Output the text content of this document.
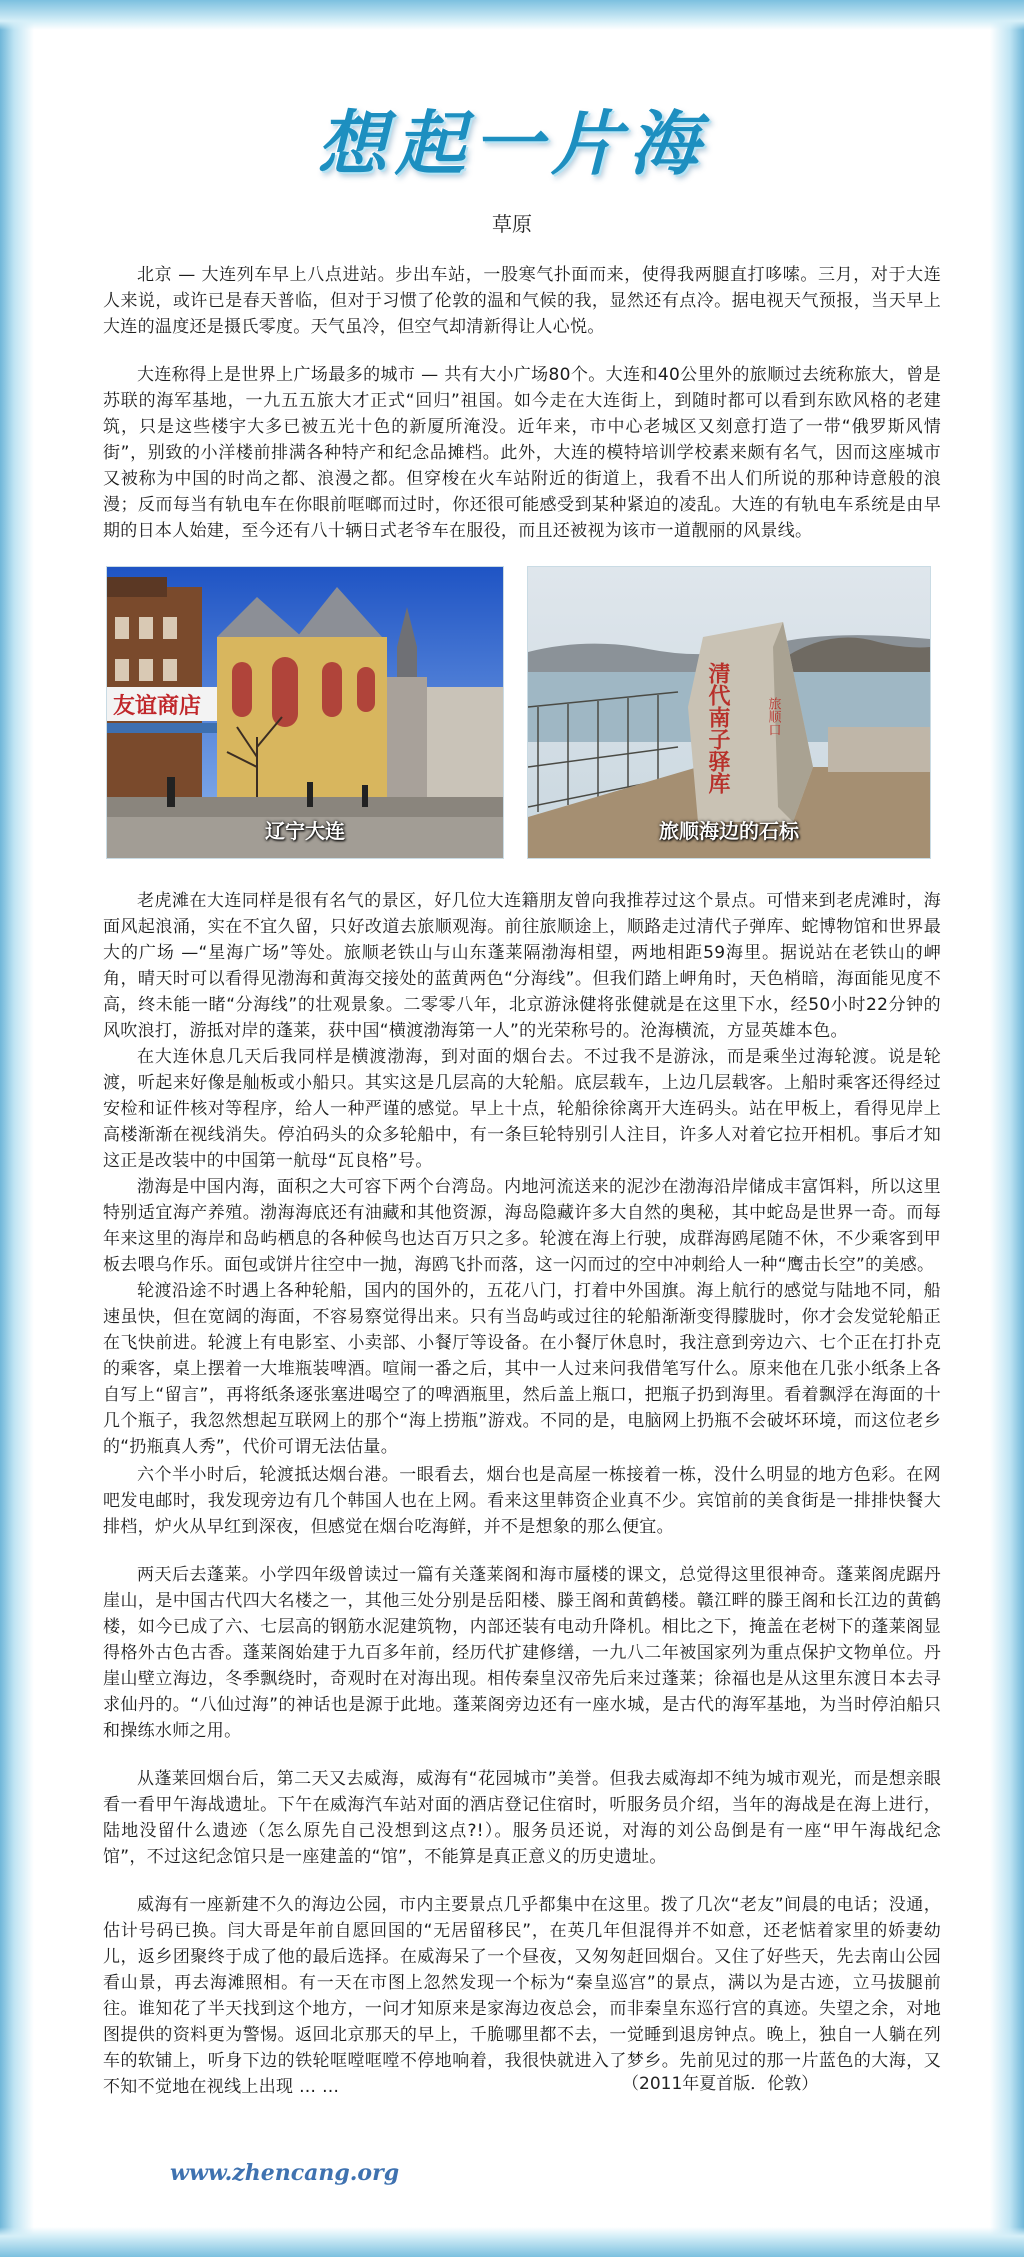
想起一片海
草原

北京 — 大连列车早上八点进站。步出车站，一股寒气扑面而来，使得我两腿直打哆嗦。三月，对于大连人来说，或许已是春天普临，但对于习惯了伦敦的温和气候的我，显然还有点冷。据电视天气预报，当天早上大连的温度还是摄氏零度。天气虽冷，但空气却清新得让人心悦。

大连称得上是世界上广场最多的城市 — 共有大小广场80个。大连和40公里外的旅顺过去统称旅大，曾是苏联的海军基地，一九五五旅大才正式“回归”祖国。如今走在大连街上，到随时都可以看到东欧风格的老建筑，只是这些楼宇大多已被五光十色的新厦所淹没。近年来，市中心老城区又刻意打造了一带“俄罗斯风情街”，别致的小洋楼前排满各种特产和纪念品摊档。此外，大连的模特培训学校素来颇有名气，因而这座城市又被称为中国的时尚之都、浪漫之都。但穿梭在火车站附近的街道上，我看不出人们所说的那种诗意般的浪漫；反而每当有轨电车在你眼前哐啷而过时，你还很可能感受到某种紧迫的凌乱。大连的有轨电车系统是由早期的日本人始建，至今还有八十辆日式老爷车在服役，而且还被视为该市一道靓丽的风景线。

友谊商店
辽宁大连
清代南子驿库	旅顺口
旅顺海边的石标

老虎滩在大连同样是很有名气的景区，好几位大连籍朋友曾向我推荐过这个景点。可惜来到老虎滩时，海面风起浪涌，实在不宜久留，只好改道去旅顺观海。前往旅顺途上，顺路走过清代子弹库、蛇博物馆和世界最大的广场 —“星海广场”等处。旅顺老铁山与山东蓬莱隔渤海相望，两地相距59海里。据说站在老铁山的岬角，晴天时可以看得见渤海和黄海交接处的蓝黄两色“分海线”。但我们踏上岬角时，天色梢暗，海面能见度不高，终未能一睹“分海线”的壮观景象。二零零八年，北京游泳健将张健就是在这里下水，经50小时22分钟的风吹浪打，游抵对岸的蓬莱，获中国“横渡渤海第一人”的光荣称号的。沧海横流，方显英雄本色。

在大连休息几天后我同样是横渡渤海，到对面的烟台去。不过我不是游泳，而是乘坐过海轮渡。说是轮渡，听起来好像是舢板或小船只。其实这是几层高的大轮船。底层载车，上边几层载客。上船时乘客还得经过安检和证件核对等程序，给人一种严谨的感觉。早上十点，轮船徐徐离开大连码头。站在甲板上，看得见岸上高楼渐渐在视线消失。停泊码头的众多轮船中，有一条巨轮特别引人注目，许多人对着它拉开相机。事后才知这正是改装中的中国第一航母“瓦良格”号。

渤海是中国内海，面积之大可容下两个台湾岛。内地河流送来的泥沙在渤海沿岸储成丰富饵料，所以这里特别适宜海产养殖。渤海海底还有油藏和其他资源，海岛隐藏许多大自然的奥秘，其中蛇岛是世界一奇。而每年来这里的海岸和岛屿栖息的各种候鸟也达百万只之多。轮渡在海上行驶，成群海鸥尾随不休，不少乘客到甲板去喂乌作乐。面包或饼片往空中一抛，海鸥飞扑而落，这一闪而过的空中冲刺给人一种“鹰击长空”的美感。

轮渡沿途不时遇上各种轮船，国内的国外的，五花八门，打着中外国旗。海上航行的感觉与陆地不同，船速虽快，但在宽阔的海面，不容易察觉得出来。只有当岛屿或过往的轮船渐渐变得朦胧时，你才会发觉轮船正在飞快前进。轮渡上有电影室、小卖部、小餐厅等设备。在小餐厅休息时，我注意到旁边六、七个正在打扑克的乘客，桌上摆着一大堆瓶装啤酒。喧闹一番之后，其中一人过来问我借笔写什么。原来他在几张小纸条上各自写上“留言”，再将纸条逐张塞进喝空了的啤酒瓶里，然后盖上瓶口，把瓶子扔到海里。看着飘浮在海面的十几个瓶子，我忽然想起互联网上的那个“海上捞瓶”游戏。不同的是，电脑网上扔瓶不会破坏环境，而这位老乡的“扔瓶真人秀”，代价可谓无法估量。

六个半小时后，轮渡抵达烟台港。一眼看去，烟台也是高屋一栋接着一栋，没什么明显的地方色彩。在网吧发电邮时，我发现旁边有几个韩国人也在上网。看来这里韩资企业真不少。宾馆前的美食街是一排排快餐大排档，炉火从早红到深夜，但感觉在烟台吃海鲜，并不是想象的那么便宜。

两天后去蓬莱。小学四年级曾读过一篇有关蓬莱阁和海市蜃楼的课文，总觉得这里很神奇。蓬莱阁虎踞丹崖山，是中国古代四大名楼之一，其他三处分别是岳阳楼、滕王阁和黄鹤楼。赣江畔的滕王阁和长江边的黄鹤楼，如今已成了六、七层高的钢筋水泥建筑物，内部还装有电动升降机。相比之下，掩盖在老树下的蓬莱阁显得格外古色古香。蓬莱阁始建于九百多年前，经历代扩建修缮，一九八二年被国家列为重点保护文物单位。丹崖山壁立海边，冬季飘绕时，奇观时在对海出现。相传秦皇汉帝先后来过蓬莱；徐福也是从这里东渡日本去寻求仙丹的。“八仙过海”的神话也是源于此地。蓬莱阁旁边还有一座水城，是古代的海军基地，为当时停泊船只和操练水师之用。

从蓬莱回烟台后，第二天又去威海，威海有“花园城市”美誉。但我去威海却不纯为城市观光，而是想亲眼看一看甲午海战遗址。下午在威海汽车站对面的酒店登记住宿时，听服务员介绍，当年的海战是在海上进行，陆地没留什么遗迹（怎么原先自己没想到这点?!）。服务员还说，对海的刘公岛倒是有一座“甲午海战纪念馆”，不过这纪念馆只是一座建盖的“馆”，不能算是真正意义的历史遗址。

威海有一座新建不久的海边公园，市内主要景点几乎都集中在这里。拨了几次“老友”间晨的电话；没通，估计号码已换。闫大哥是年前自愿回国的“无居留移民”，在英几年但混得并不如意，还老惦着家里的娇妻幼儿，返乡团聚终于成了他的最后选择。在威海呆了一个昼夜，又匆匆赶回烟台。又住了好些天，先去南山公园看山景，再去海滩照相。有一天在市图上忽然发现一个标为“秦皇巡宫”的景点，满以为是古迹，立马拔腿前往。谁知花了半天找到这个地方，一问才知原来是家海边夜总会，而非秦皇东巡行宫的真迹。失望之余，对地图提供的资料更为警惕。返回北京那天的早上，千脆哪里都不去，一觉睡到退房钟点。晚上，独自一人躺在列车的软铺上，听身下边的铁轮哐嘡哐嘡不停地响着，我很快就进入了梦乡。先前见过的那一片蓝色的大海，又不知不觉地在视线上出现 … …	（2011年夏首版．伦敦）
www.zhencang.org
